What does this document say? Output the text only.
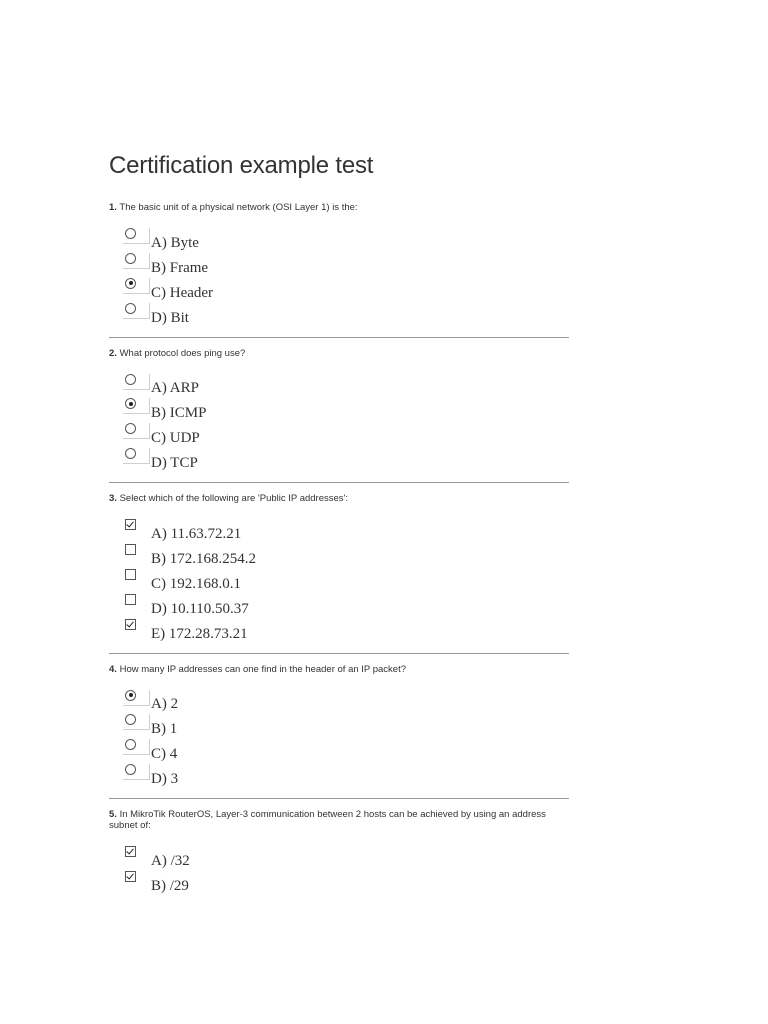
Certification example test
1. The basic unit of a physical network (OSI Layer 1) is the:
A) Byte
B) Frame
C) Header
D) Bit
2. What protocol does ping use?
A) ARP
B) ICMP
C) UDP
D) TCP
3. Select which of the following are 'Public IP addresses':
A) 11.63.72.21
B) 172.168.254.2
C) 192.168.0.1
D) 10.110.50.37
E) 172.28.73.21
4. How many IP addresses can one find in the header of an IP packet?
A) 2
B) 1
C) 4
D) 3
5. In MikroTik RouterOS, Layer-3 communication between 2 hosts can be achieved by using an address subnet of:
A) /32
B) /29
